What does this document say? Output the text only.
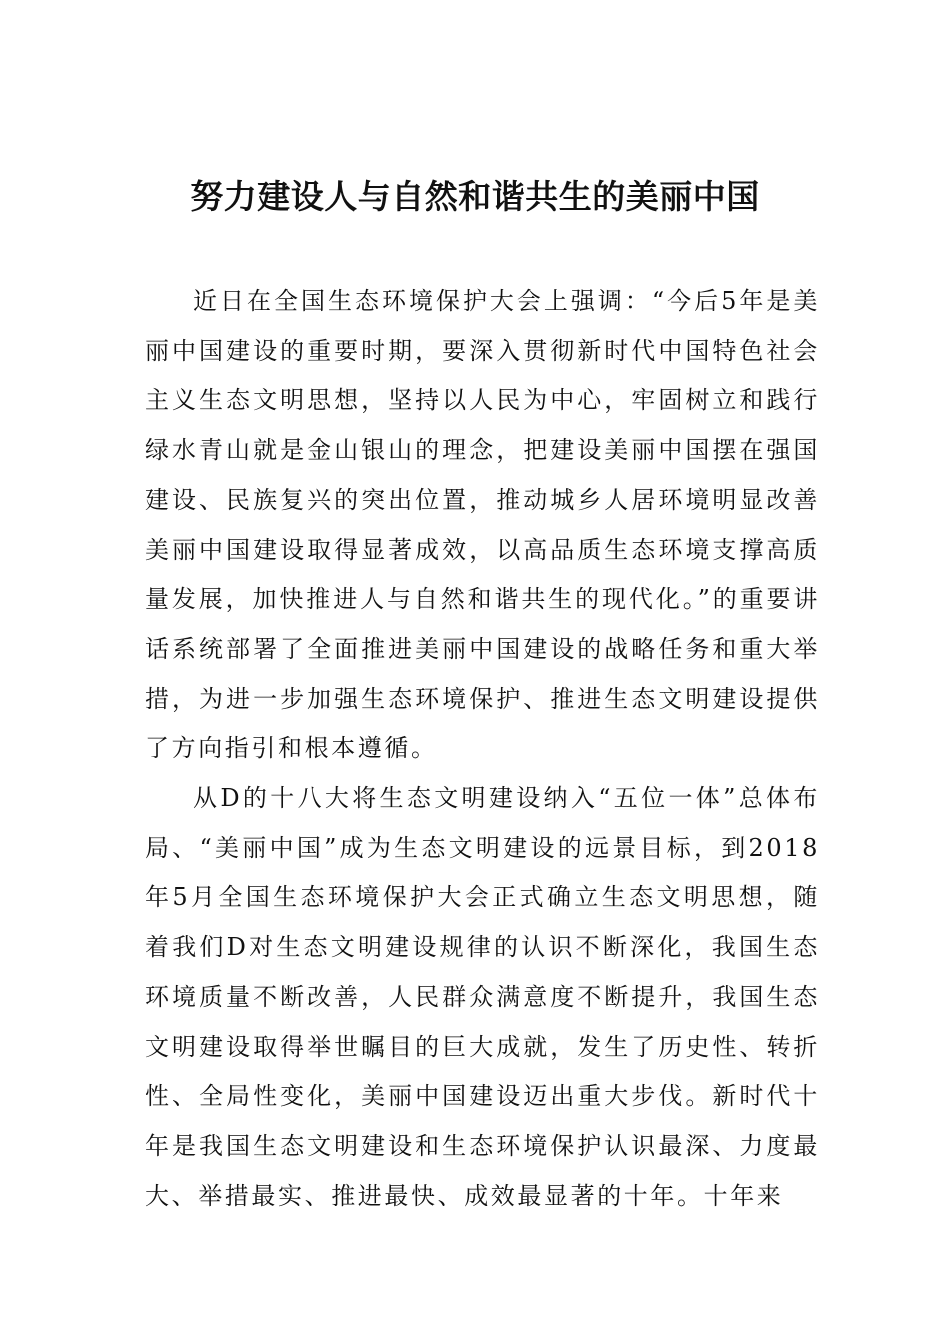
努力建设人与自然和谐共生的美丽中国

近日在全国生态环境保护大会上强调：“今后5年是美丽中国建设的重要时期，要深入贯彻新时代中国特色社会主义生态文明思想，坚持以人民为中心，牢固树立和践行绿水青山就是金山银山的理念，把建设美丽中国摆在强国建设、民族复兴的突出位置，推动城乡人居环境明显改善美丽中国建设取得显著成效，以高品质生态环境支撑高质量发展，加快推进人与自然和谐共生的现代化。”的重要讲话系统部署了全面推进美丽中国建设的战略任务和重大举措，为进一步加强生态环境保护、推进生态文明建设提供了方向指引和根本遵循。

从D的十八大将生态文明建设纳入“五位一体”总体布局、“美丽中国”成为生态文明建设的远景目标，到2018年5月全国生态环境保护大会正式确立生态文明思想，随着我们D对生态文明建设规律的认识不断深化，我国生态环境质量不断改善，人民群众满意度不断提升，我国生态文明建设取得举世瞩目的巨大成就，发生了历史性、转折性、全局性变化，美丽中国建设迈出重大步伐。新时代十年是我国生态文明建设和生态环境保护认识最深、力度最大、举措最实、推进最快、成效最显著的十年。十年来
